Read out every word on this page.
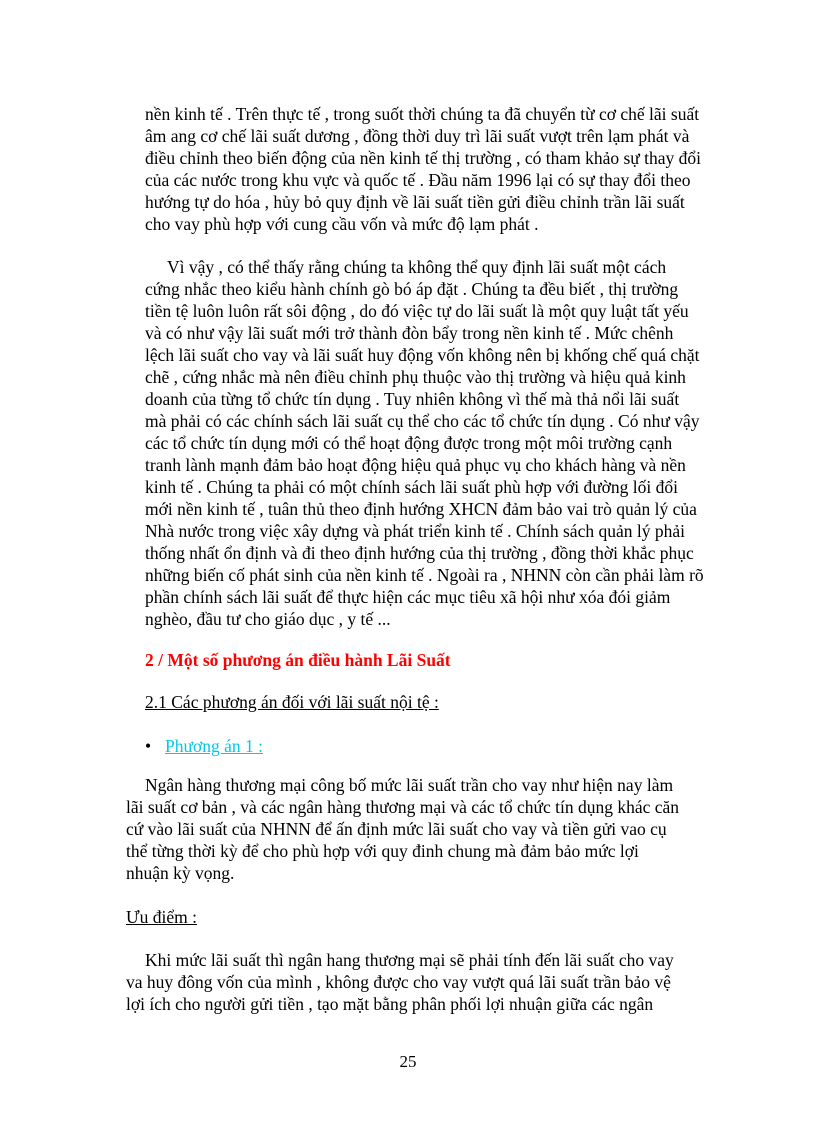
nền kinh tế . Trên thực tế , trong suốt thời chúng ta đã chuyển từ cơ chế lãi suất
âm ang cơ chế lãi suất dương , đồng thời duy trì lãi suất vượt trên lạm phát và
điều chỉnh theo biến động của nền kinh tế thị trường , có tham khảo sự thay đổi
của các nước trong khu vực và quốc tế . Đầu năm 1996 lại có sự thay đổi theo
hướng tự do hóa , hủy bỏ quy định về lãi suất tiền gửi điều chỉnh trần lãi suất
cho vay phù hợp với cung cầu vốn và mức độ lạm phát .
Vì vậy , có thể thấy rằng chúng ta không thể quy định lãi suất một cách
cứng nhắc theo kiểu hành chính gò bó áp đặt . Chúng ta đều biết , thị trường
tiền tệ luôn luôn rất sôi động , do đó việc tự do lãi suất là một quy luật tất yếu
và có như vậy lãi suất mới trở thành đòn bẩy trong nền kinh tế . Mức chênh
lệch lãi suất cho vay và lãi suất huy động vốn không nên bị khống chế quá chặt
chẽ , cứng nhắc mà nên điều chỉnh phụ thuộc vào thị trường và hiệu quả kinh
doanh của từng tổ chức tín dụng . Tuy nhiên không vì thế mà thả nổi lãi suất
mà phải có các chính sách lãi suất cụ thể cho các tổ chức tín dụng . Có như vậy
các tổ chức tín dụng mới có thể hoạt động được trong một môi trường cạnh
tranh lành mạnh đảm bảo hoạt động hiệu quả phục vụ cho khách hàng và nền
kinh tế . Chúng ta phải có một chính sách lãi suất phù hợp với đường lối đổi
mới nền kinh tế , tuân thủ theo định hướng XHCN đảm bảo vai trò quản lý của
Nhà nước trong việc xây dựng và phát triển kinh tế . Chính sách quản lý phải
thống nhất ổn định và đi theo định hướng của thị trường , đồng thời khắc phục
những biến cố phát sinh của nền kinh tế . Ngoài ra , NHNN còn cần phải làm rõ
phần chính sách lãi suất để thực hiện các mục tiêu xã hội như xóa đói giảm
nghèo, đầu tư cho giáo dục , y tế ...
2 / Một số phương án điều hành Lãi Suất
2.1 Các phương án đối với lãi suất nội tệ :
• Phương án 1 :
Ngân hàng thương mại công bố mức lãi suất trần cho vay như hiện nay làm
lãi suất cơ bản , và các ngân hàng thương mại và các tổ chức tín dụng khác căn
cứ vào lãi suất của NHNN để ấn định mức lãi suất cho vay và tiền gửi vao cụ
thể từng thời kỳ để cho phù hợp với quy đinh chung mà đảm bảo mức lợi
nhuận kỳ vọng.
Ưu điểm :
Khi mức lãi suất thì ngân hang thương mại sẽ phải tính đến lãi suất cho vay
va huy đông vốn của mình , không được cho vay vượt quá lãi suất trần bảo vệ
lợi ích cho người gửi tiền , tạo mặt bằng phân phối lợi nhuận giữa các ngân
25
